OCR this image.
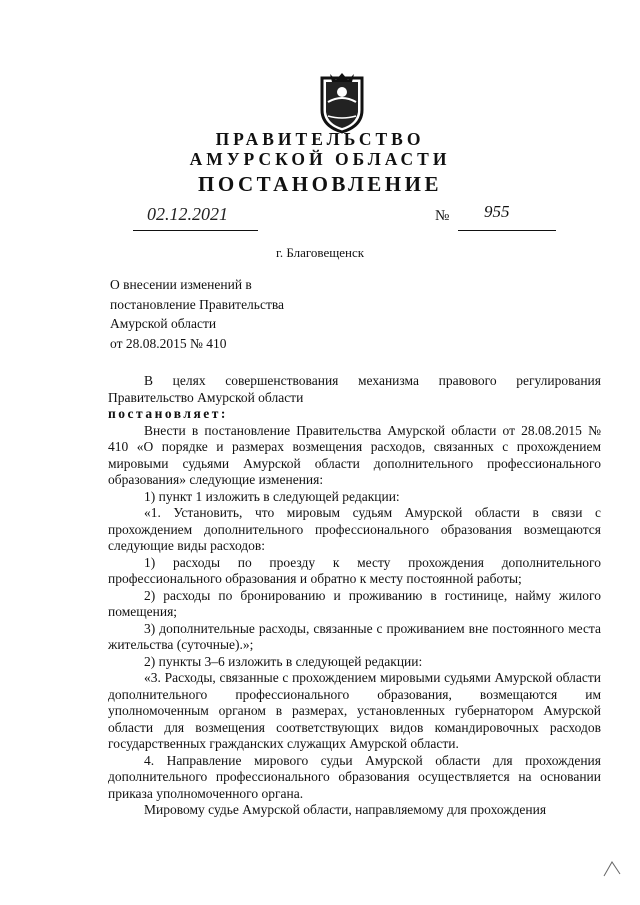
ПРАВИТЕЛЬСТВО
АМУРСКОЙ ОБЛАСТИ
ПОСТАНОВЛЕНИЕ
02.12.2021	№ 955
г. Благовещенск
О внесении изменений в
постановление Правительства
Амурской области
от 28.08.2015 № 410

В целях совершенствования механизма правового регулирования Правительство Амурской области

постановляет:

Внести в постановление Правительства Амурской области от 28.08.2015 № 410 «О порядке и размерах возмещения расходов, связанных с прохождением мировыми судьями Амурской области дополнительного профессионального образования» следующие изменения:

1) пункт 1 изложить в следующей редакции:

«1. Установить, что мировым судьям Амурской области в связи с прохождением дополнительного профессионального образования возмещаются следующие виды расходов:

1) расходы по проезду к месту прохождения дополнительного профессионального образования и обратно к месту постоянной работы;

2) расходы по бронированию и проживанию в гостинице, найму жилого помещения;

3) дополнительные расходы, связанные с проживанием вне постоянного места жительства (суточные).»;

2) пункты 3–6 изложить в следующей редакции:

«3. Расходы, связанные с прохождением мировыми судьями Амурской области дополнительного профессионального образования, возмещаются им уполномоченным органом в размерах, установленных губернатором Амурской области для возмещения соответствующих видов командировочных расходов государственных гражданских служащих Амурской области.

4. Направление мирового судьи Амурской области для прохождения дополнительного профессионального образования осуществляется на основании приказа уполномоченного органа.

Мировому судье Амурской области, направляемому для прохождения
